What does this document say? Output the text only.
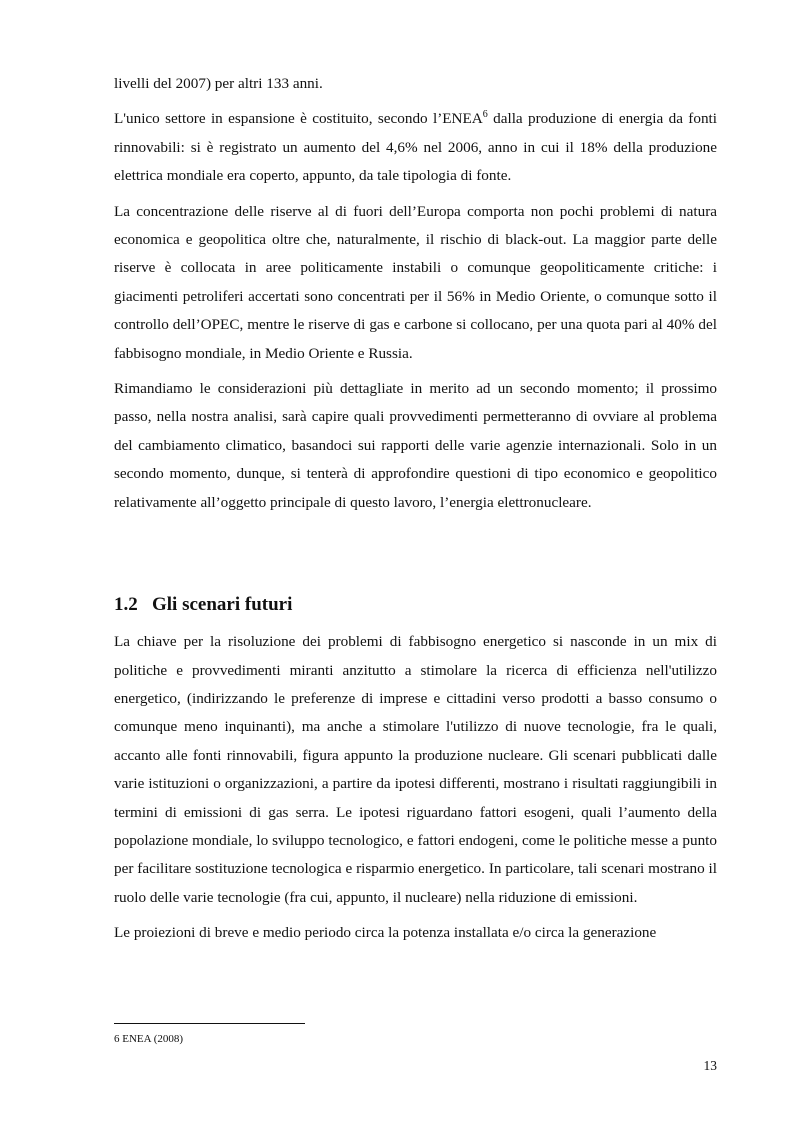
livelli del 2007) per altri 133 anni.

L'unico settore in espansione è costituito, secondo l’ENEA$^6$ dalla produzione di energia da fonti rinnovabili: si è registrato un aumento del 4,6% nel 2006, anno in cui il 18% della produzione elettrica mondiale era coperto, appunto, da tale tipologia di fonte.

La concentrazione delle riserve al di fuori dell’Europa comporta non pochi problemi di natura economica e geopolitica oltre che, naturalmente, il rischio di black-out. La maggior parte delle riserve è collocata in aree politicamente instabili o comunque geopoliticamente critiche: i giacimenti petroliferi accertati sono concentrati per il 56% in Medio Oriente, o comunque sotto il controllo dell’OPEC, mentre le riserve di gas e carbone si collocano, per una quota pari al 40% del fabbisogno mondiale, in Medio Oriente e Russia.

Rimandiamo le considerazioni più dettagliate in merito ad un secondo momento; il prossimo passo, nella nostra analisi, sarà capire quali provvedimenti permetteranno di ovviare al problema del cambiamento climatico, basandoci sui rapporti delle varie agenzie internazionali. Solo in un secondo momento, dunque, si tenterà di approfondire questioni di tipo economico e geopolitico relativamente all’oggetto principale di questo lavoro, l’energia elettronucleare.

1.2 Gli scenari futuri

La chiave per la risoluzione dei problemi di fabbisogno energetico si nasconde in un mix di politiche e provvedimenti miranti anzitutto a stimolare la ricerca di efficienza nell'utilizzo energetico, (indirizzando le preferenze di imprese e cittadini verso prodotti a basso consumo o comunque meno inquinanti), ma anche a stimolare l'utilizzo di nuove tecnologie, fra le quali, accanto alle fonti rinnovabili, figura appunto la produzione nucleare. Gli scenari pubblicati dalle varie istituzioni o organizzazioni, a partire da ipotesi differenti, mostrano i risultati raggiungibili in termini di emissioni di gas serra. Le ipotesi riguardano fattori esogeni, quali l’aumento della popolazione mondiale, lo sviluppo tecnologico, e fattori endogeni, come le politiche messe a punto per facilitare sostituzione tecnologica e risparmio energetico. In particolare, tali scenari mostrano il ruolo delle varie tecnologie (fra cui, appunto, il nucleare) nella riduzione di emissioni.

Le proiezioni di breve e medio periodo circa la potenza installata e/o circa la generazione

6 ENEA (2008)
13
